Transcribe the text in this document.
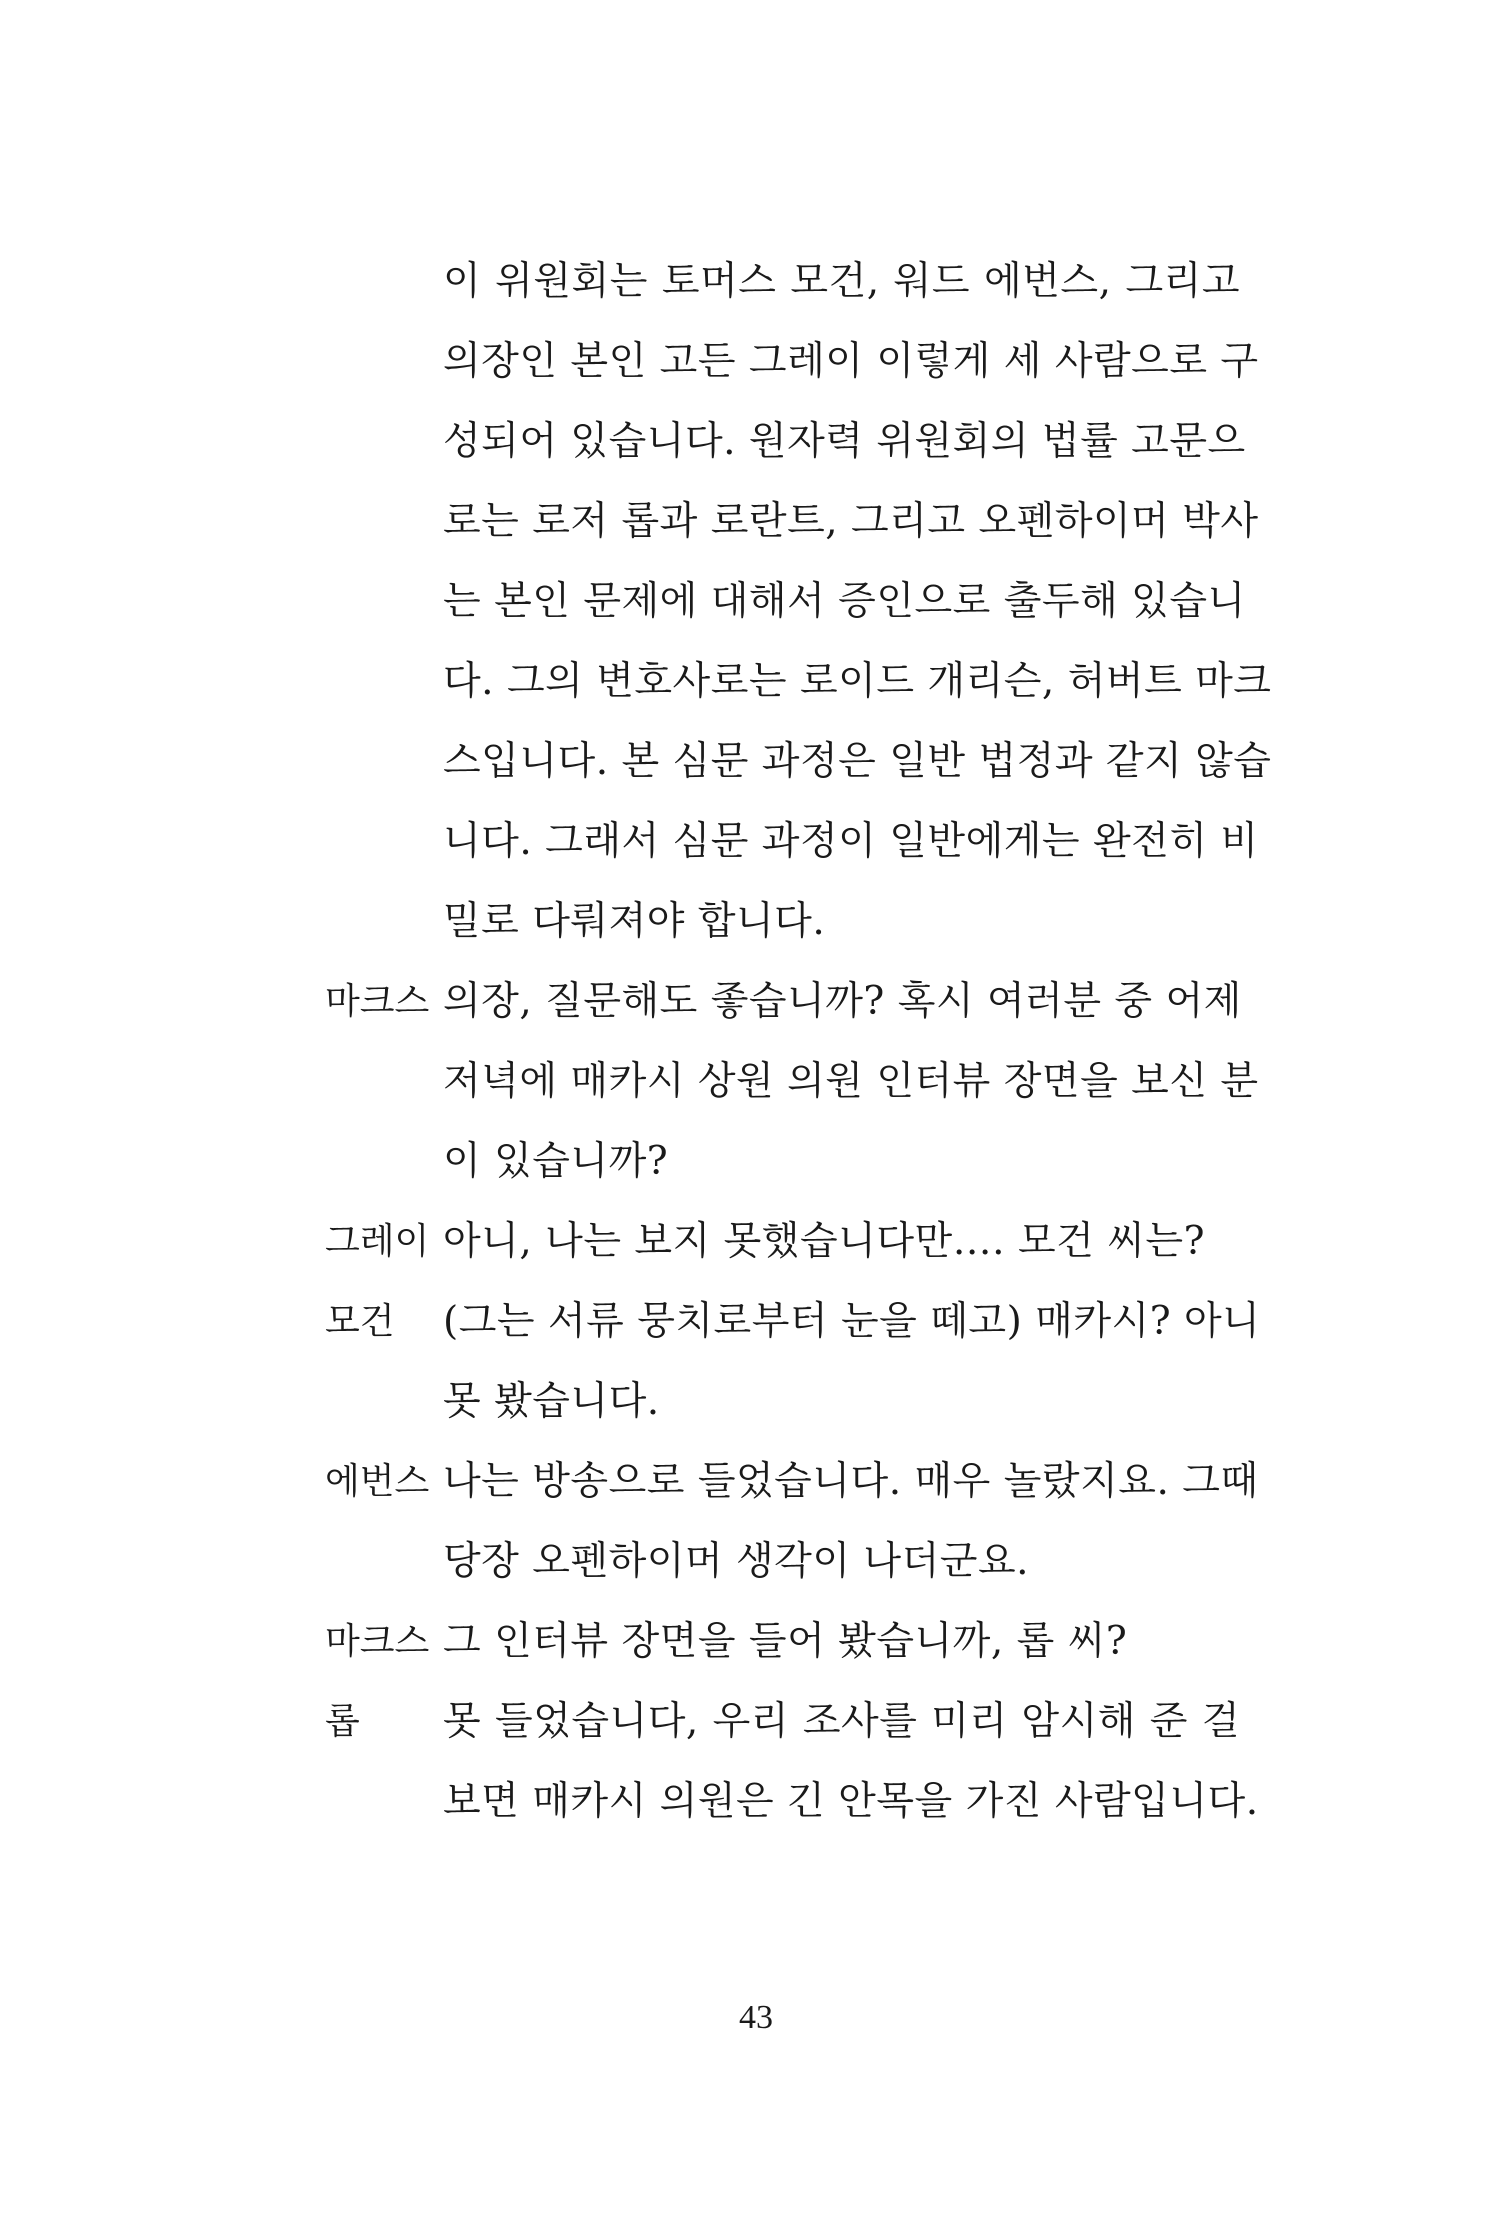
이 위원회는 토머스 모건, 워드 에번스, 그리고
의장인 본인 고든 그레이 이렇게 세 사람으로 구
성되어 있습니다. 원자력 위원회의 법률 고문으
로는 로저 롭과 로란트, 그리고 오펜하이머 박사
는 본인 문제에 대해서 증인으로 출두해 있습니
다. 그의 변호사로는 로이드 개리슨, 허버트 마크
스입니다. 본 심문 과정은 일반 법정과 같지 않습
니다. 그래서 심문 과정이 일반에게는 완전히 비
밀로 다뤄져야 합니다.
마크스 의장, 질문해도 좋습니까? 혹시 여러분 중 어제
저녁에 매카시 상원 의원 인터뷰 장면을 보신 분
이 있습니까?
그레이 아니, 나는 보지 못했습니다만…. 모건 씨는?
모건 (그는 서류 뭉치로부터 눈을 떼고) 매카시? 아니
못 봤습니다.
에번스 나는 방송으로 들었습니다. 매우 놀랐지요. 그때
당장 오펜하이머 생각이 나더군요.
마크스 그 인터뷰 장면을 들어 봤습니까, 롭 씨?
롭 못 들었습니다, 우리 조사를 미리 암시해 준 걸
보면 매카시 의원은 긴 안목을 가진 사람입니다.
43
